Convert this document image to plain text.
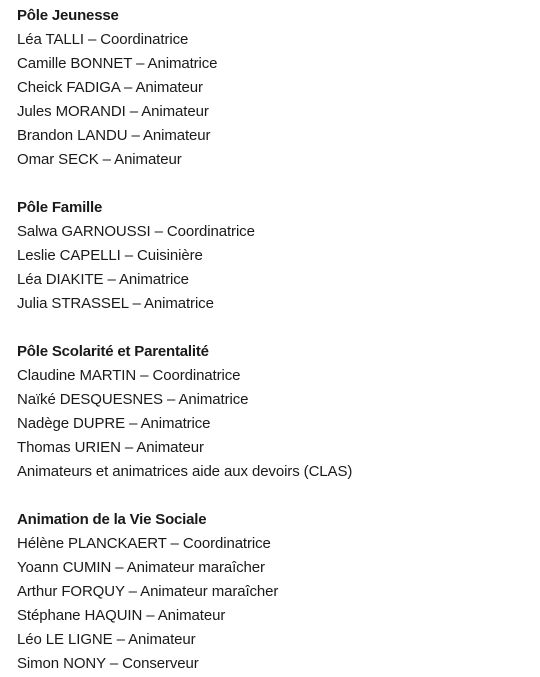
Pôle Jeunesse
Léa TALLI – Coordinatrice
Camille BONNET – Animatrice
Cheick FADIGA – Animateur
Jules MORANDI – Animateur
Brandon LANDU – Animateur
Omar SECK – Animateur
Pôle Famille
Salwa GARNOUSSI – Coordinatrice
Leslie CAPELLI – Cuisinière
Léa DIAKITE – Animatrice
Julia STRASSEL – Animatrice
Pôle Scolarité et Parentalité
Claudine MARTIN – Coordinatrice
Naïké DESQUESNES – Animatrice
Nadège DUPRE – Animatrice
Thomas URIEN – Animateur
Animateurs et animatrices aide aux devoirs (CLAS)
Animation de la Vie Sociale
Hélène PLANCKAERT – Coordinatrice
Yoann CUMIN – Animateur maraîcher
Arthur FORQUY – Animateur maraîcher
Stéphane HAQUIN – Animateur
Léo LE LIGNE – Animateur
Simon NONY – Conserveur
